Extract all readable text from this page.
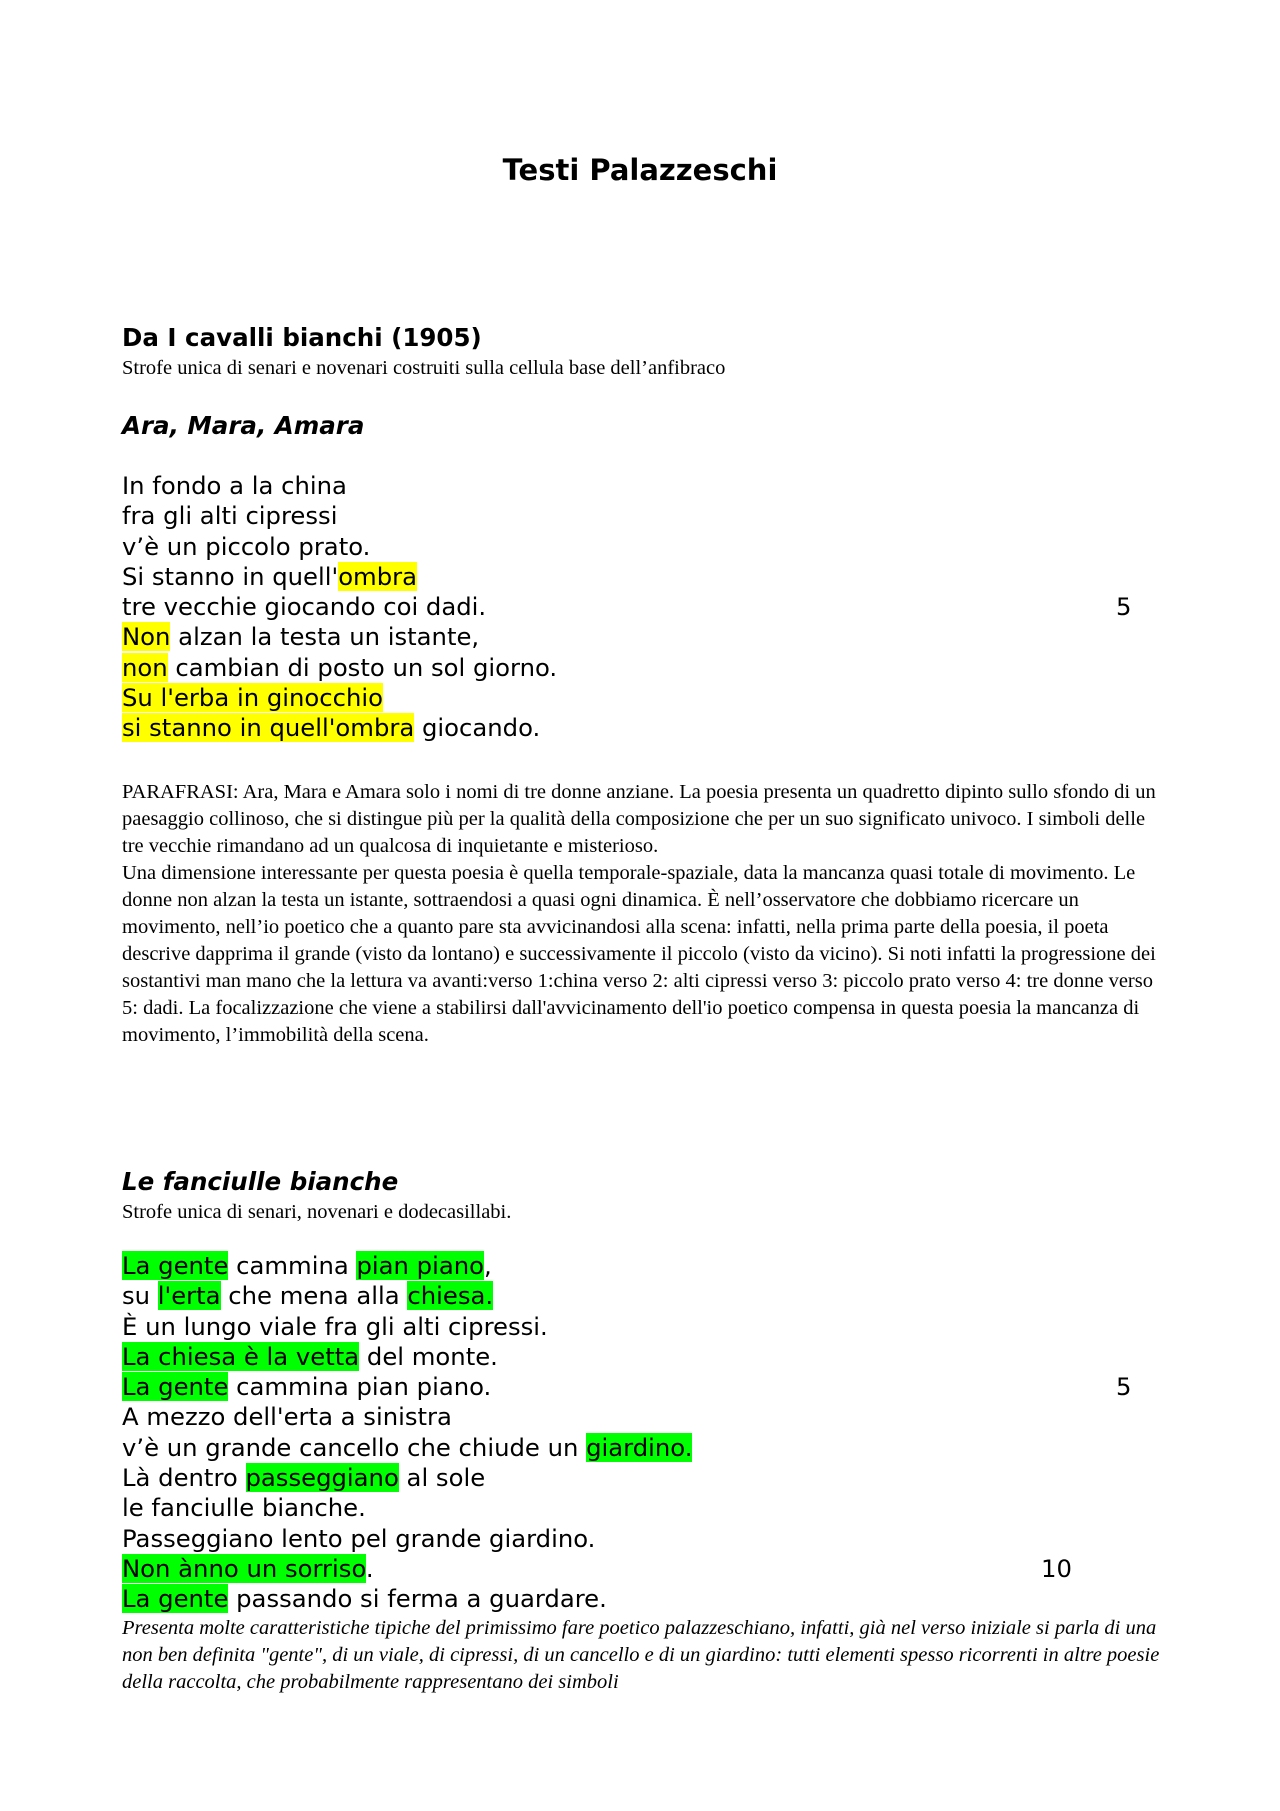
Testi Palazzeschi
Da I cavalli bianchi (1905)
Strofe unica di senari e novenari costruiti sulla cellula base dell’anfibraco
Ara, Mara, Amara
In fondo a la china
fra gli alti cipressi
v’è un piccolo prato.
Si stanno in quell'ombra
tre vecchie giocando coi dadi.	5
Non alzan la testa un istante,
non cambian di posto un sol giorno.
Su l'erba in ginocchio
si stanno in quell'ombra giocando.

PARAFRASI: Ara, Mara e Amara solo i nomi di tre donne anziane. La poesia presenta un quadretto dipinto sullo sfondo di un paesaggio collinoso, che si distingue più per la qualità della composizione che per un suo significato univoco. I simboli delle tre vecchie rimandano ad un qualcosa di inquietante e misterioso.

Una dimensione interessante per questa poesia è quella temporale-spaziale, data la mancanza quasi totale di movimento. Le donne non alzan la testa un istante, sottraendosi a quasi ogni dinamica. È nell’osservatore che dobbiamo ricercare un movimento, nell’io poetico che a quanto pare sta avvicinandosi alla scena: infatti, nella prima parte della poesia, il poeta descrive dapprima il grande (visto da lontano) e successivamente il piccolo (visto da vicino). Si noti infatti la progressione dei sostantivi man mano che la lettura va avanti:verso 1:china verso 2: alti cipressi verso 3: piccolo prato verso 4: tre donne verso 5: dadi. La focalizzazione che viene a stabilirsi dall'avvicinamento dell'io poetico compensa in questa poesia la mancanza di movimento, l’immobilità della scena.

Le fanciulle bianche
Strofe unica di senari, novenari e dodecasillabi.
La gente cammina pian piano,
su l'erta che mena alla chiesa.
È un lungo viale fra gli alti cipressi.
La chiesa è la vetta del monte.
La gente cammina pian piano.	5
A mezzo dell'erta a sinistra
v’è un grande cancello che chiude un giardino.
Là dentro passeggiano al sole
le fanciulle bianche.
Passeggiano lento pel grande giardino.
Non ànno un sorriso.	10
La gente passando si ferma a guardare.
Presenta molte caratteristiche tipiche del primissimo fare poetico palazzeschiano, infatti, già nel verso iniziale si parla di una non ben definita "gente", di un viale, di cipressi, di un cancello e di un giardino: tutti elementi spesso ricorrenti in altre poesie della raccolta, che probabilmente rappresentano dei simboli
